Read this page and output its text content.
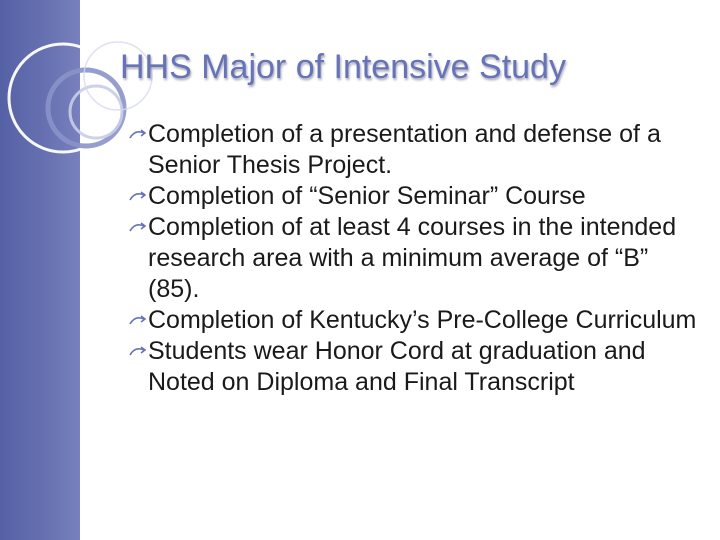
HHS Major of Intensive Study
Completion of a presentation and defense of a Senior Thesis Project.
Completion of “Senior Seminar” Course
Completion of at least 4 courses in the intended research area with a minimum average of “B” (85).
Completion of Kentucky’s Pre-College Curriculum
Students wear Honor Cord at graduation and Noted on Diploma and Final Transcript
